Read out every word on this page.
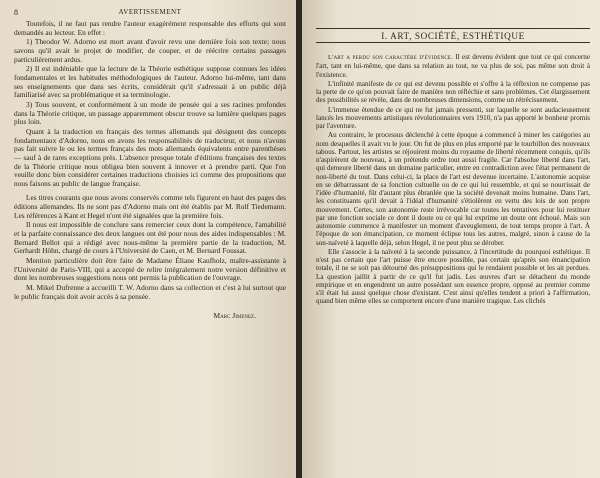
8	AVERTISSEMENT

Toutefois, il ne faut pas rendre l'auteur exagérément responsable des efforts qui sont demandés au lecteur. En effet :

1) Theodor W. Adorno est mort avant d'avoir revu une dernière fois son texte; nous savons qu'il avait le projet de modifier, de couper, et de réécrire certains passages particulièrement ardus.

2) Il est indéniable que la lecture de la Théorie esthétique suppose connues les idées fondamentales et les habitudes méthodologiques de l'auteur. Adorno lui-même, tant dans ses enseignements que dans ses écrits, considérait qu'il s'adressait à un public déjà familiarisé avec sa problématique et sa terminologie.

3) Tous souvent, et conformément à un mode de pensée qui a ses racines profondes dans la Théorie critique, un passage apparemment obscur trouve sa lumière quelques pages plus loin.

Quant à la traduction en français des termes allemands qui désignent des concepts fondamentaux d'Adorno, nous en avons les responsabilités de traducteur, et nous n'avons pas fait suivre le ou les termes français des mots allemands équivalents entre parenthèses — sauf à de rares exceptions près. L'absence presque totale d'éditions françaises des textes de la Théorie critique nous obligea bien souvent à innover et à prendre parti. Que l'on veuille donc bien considérer certaines traductions choisies ici comme des propositions que nous faisons au public de langue française.

Les titres courants que nous avons conservés comme tels figurent en haut des pages des éditions allemandes. Ils ne sont pas d'Adorno mais ont été établis par M. Rolf Tiedemann. Les références à Kant et Hegel n'ont été signalées que la première fois.

Il nous est impossible de conclure sans remercier ceux dont la compétence, l'amabilité et la parfaite connaissance des deux langues ont été pour nous des aides indispensables : M. Bernard Bellot qui a rédigé avec nous-même la première partie de la traduction, M. Gerhardt Höhn, chargé de cours à l'Université de Caen, et M. Bernard Foussat.

Mention particulière doit être faite de Madame Éliane Kaufholz, maître-assistante à l'Université de Paris-VIII, qui a accepté de relire intégralement notre version définitive et dont les nombreuses suggestions nous ont permis la publication de l'ouvrage.

M. Mikel Dufrenne a accueilli T. W. Adorno dans sa collection et c'est à lui surtout que le public français doit avoir accès à sa pensée.

Marc Jimenez.
I. ART, SOCIÉTÉ, ESTHÉTIQUE

L'art a perdu son caractère d'évidence. Il est devenu évident que tout ce qui concerne l'art, tant en lui-même, que dans sa relation au tout, ne va plus de soi, pas même son droit à l'existence.

L'infinité manifeste de ce qui est devenu possible et s'offre à la réflexion ne compense pas la perte de ce qu'on pouvait faire de manière non réfléchie et sans problèmes. Cet élargissement des possibilités se révèle, dans de nombreuses dimensions, comme un rétrécissement.

L'immense étendue de ce qui ne fut jamais pressenti, sur laquelle se sont audacieusement lancés les mouvements artistiques révolutionnaires vers 1910, n'a pas apporté le bonheur promis par l'aventure.

Au contraire, le processus déclenché à cette époque a commencé à miner les catégories au nom desquelles il avait vu le jour. On fut de plus en plus emporté par le tourbillon des nouveaux tabous. Partout, les artistes se réjouirent moins du royaume de liberté récemment conquis, qu'ils n'aspirèrent de nouveau, à un prétendu ordre tout aussi fragile. Car l'absolue liberté dans l'art, qui demeure liberté dans un domaine particulier, entre en contradiction avec l'état permanent de non-liberté du tout. Dans celui-ci, la place de l'art est devenue incertaine. L'autonomie acquise en se débarrassant de sa fonction cultuelle ou de ce qui lui ressemble, et qui se nourrissait de l'idée d'humanité, fût d'autant plus ébranlée que la société devenait moins humaine. Dans l'art, les constituants qu'il devait à l'idéal d'humanité s'étiolèrent en vertu des lois de son propre mouvement. Certes, son autonomie reste irrévocable car toutes les tentatives pour lui restituer par une fonction sociale ce dont il doute ou ce qui lui exprime un doute ont échoué. Mais son autonomie commence à manifester un moment d'aveuglement, de tout temps propre à l'art. À l'époque de son émancipation, ce moment éclipse tous les autres, malgré, sinon à cause de la son-naïveté à laquelle déjà, selon Hegel, il ne peut plus se dérober.

Elle s'associe à la naïveté à la seconde puissance, à l'incertitude du pourquoi esthétique. Il n'est pas certain que l'art puisse être encore possible, pas certain qu'après son émancipation totale, il ne se soit pas détourné des présuppositions qui le rendaient possible et les ait perdues. La question jaillit à partir de ce qu'il fut jadis. Les œuvres d'art se détachent du monde empirique et en engendrent un autre possédant son essence propre, opposé au premier comme s'il était lui aussi quelque chose d'existant. C'est ainsi qu'elles tendent a priori à l'affirmation, quand bien même elles se comportent encore d'une manière tragique. Les clichés
